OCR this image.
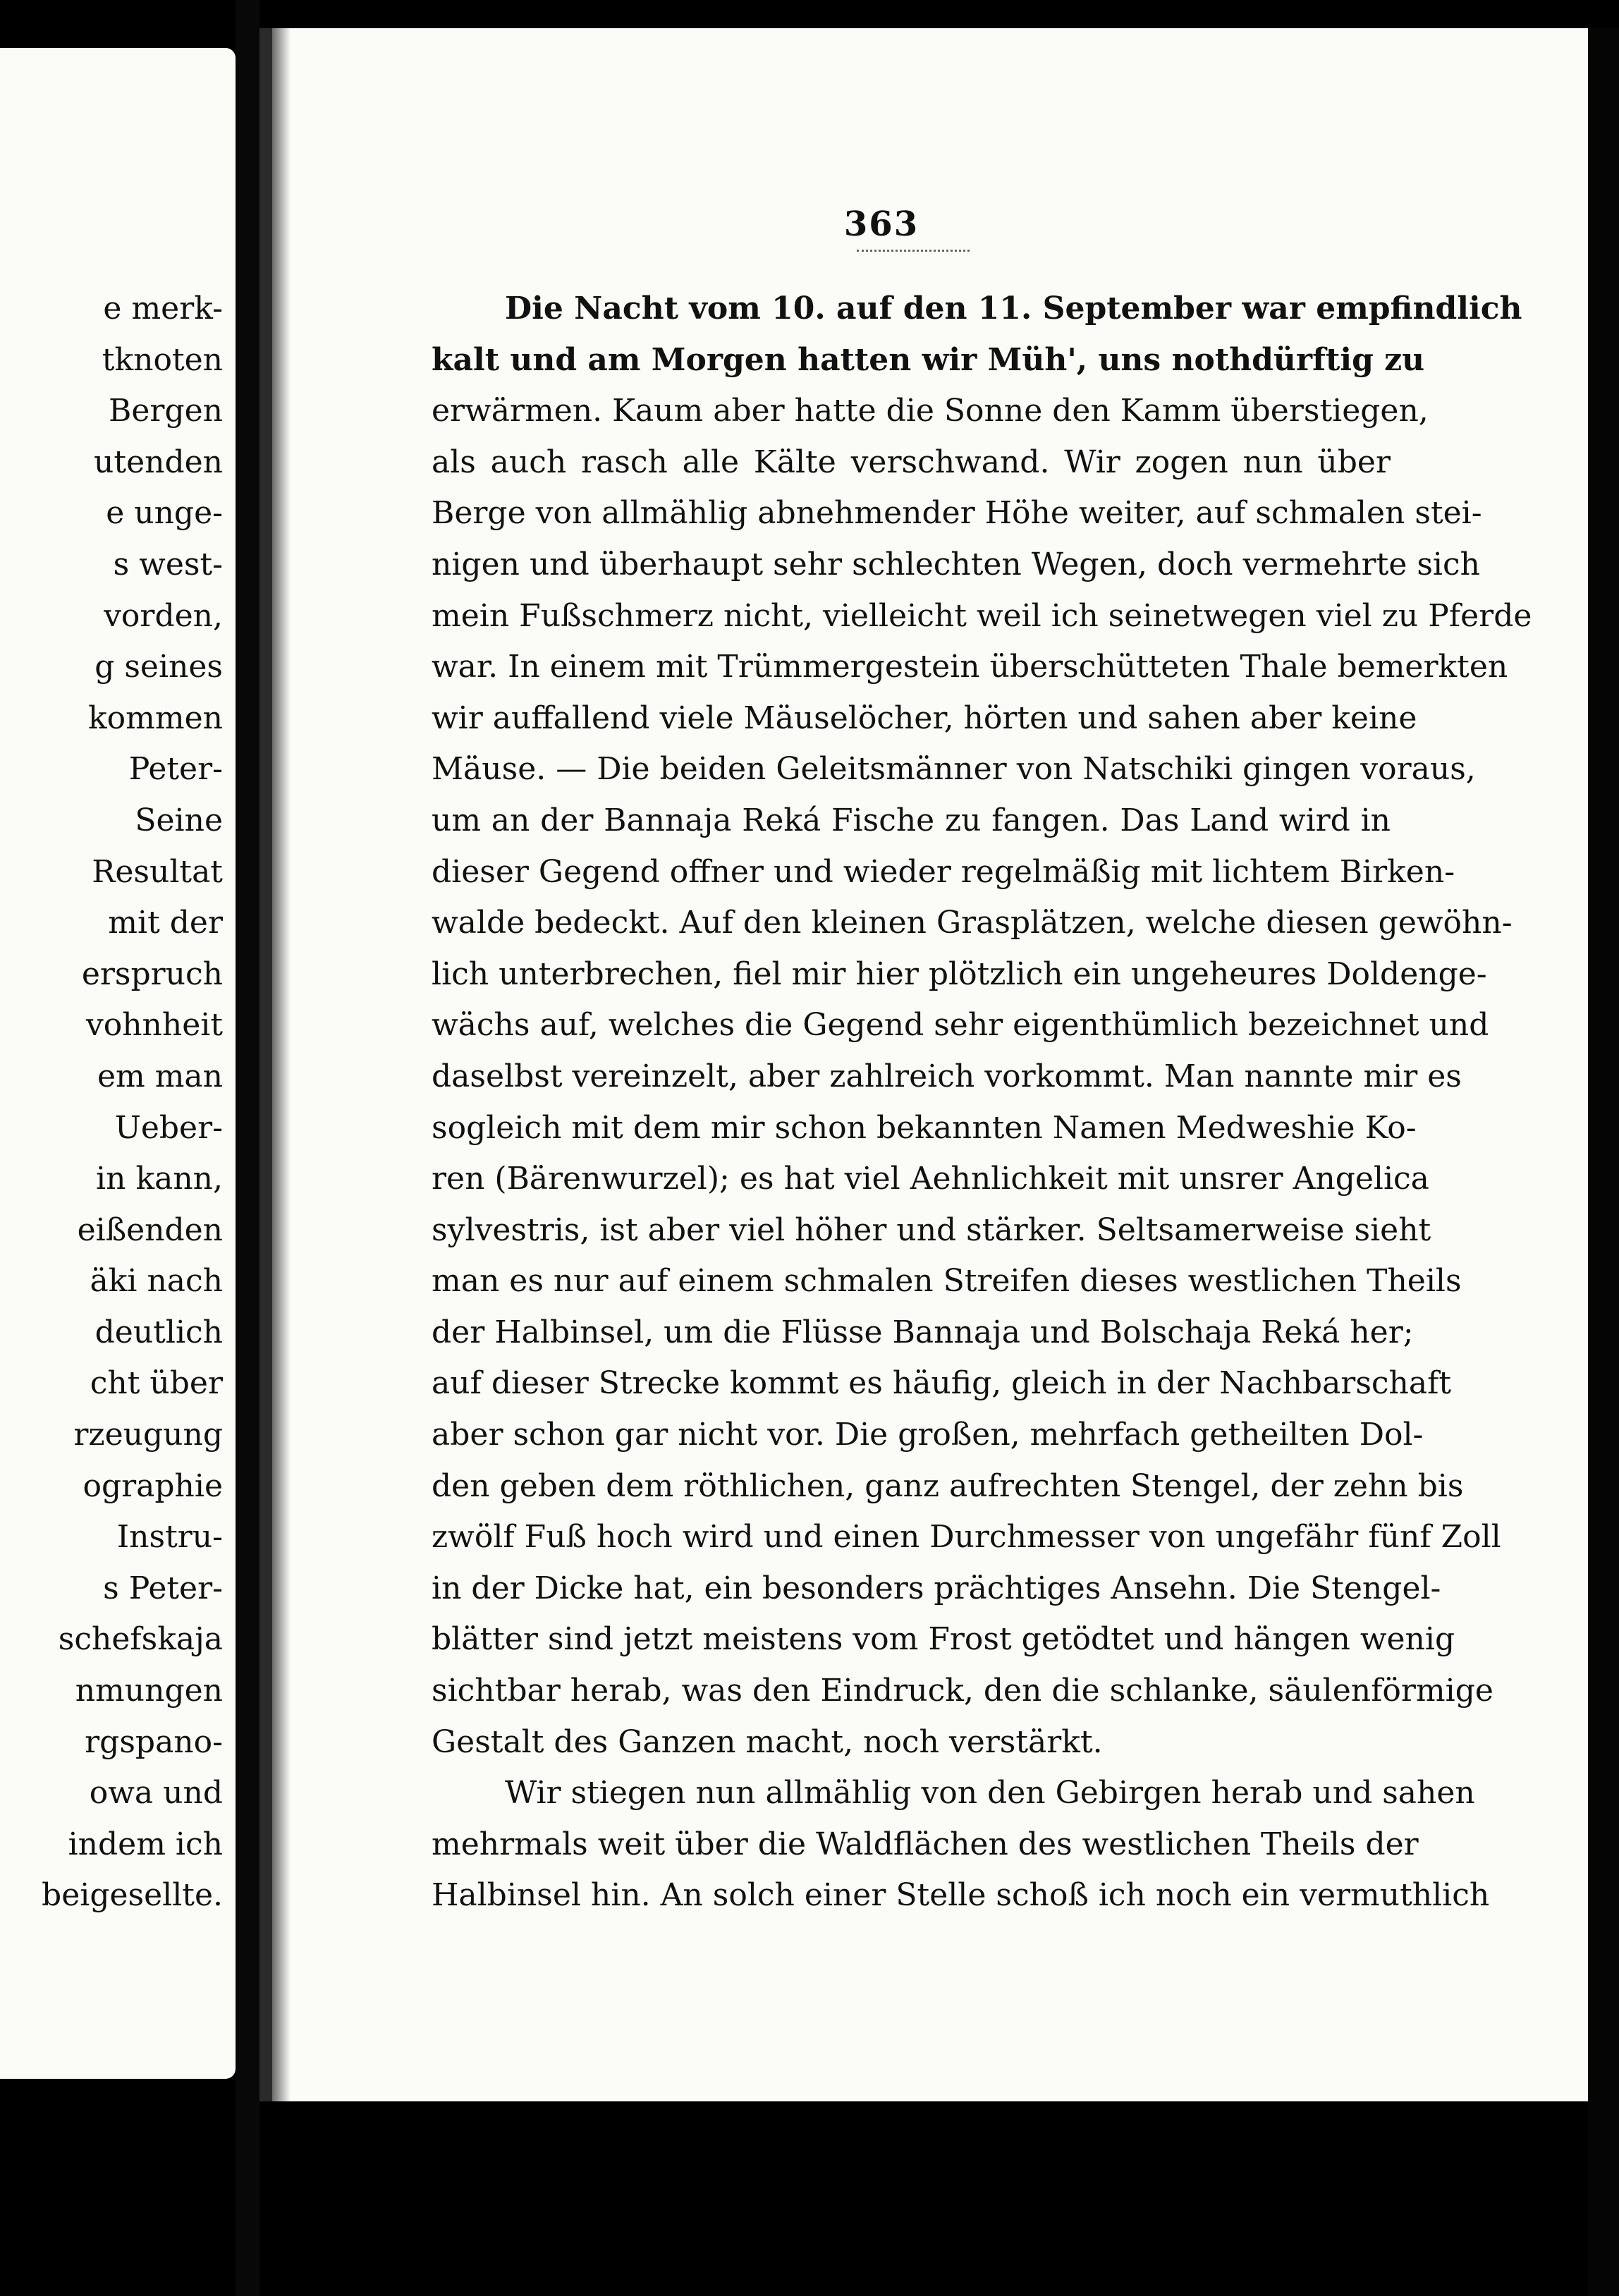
e merk-
tknoten
Bergen
utenden
e unge-
s west-
vorden,
g seines
kommen
Peter-
Seine
Resultat
mit der
erspruch
vohnheit
em man
Ueber-
in kann,
eißenden
äki nach
deutlich
cht über
rzeugung
ographie
Instru-
s Peter-
schefskaja
nmungen
rgspano-
owa und
indem ich
beigesellte.
363
Die Nacht vom 10. auf den 11. September war empfindlich
kalt und am Morgen hatten wir Müh', uns nothdürftig zu
erwärmen. Kaum aber hatte die Sonne den Kamm überstiegen,
als auch rasch alle Kälte verschwand. Wir zogen nun über
Berge von allmählig abnehmender Höhe weiter, auf schmalen stei-
nigen und überhaupt sehr schlechten Wegen, doch vermehrte sich
mein Fußschmerz nicht, vielleicht weil ich seinetwegen viel zu Pferde
war. In einem mit Trümmergestein überschütteten Thale bemerkten
wir auffallend viele Mäuselöcher, hörten und sahen aber keine
Mäuse. — Die beiden Geleitsmänner von Natschiki gingen voraus,
um an der Bannaja Reká Fische zu fangen. Das Land wird in
dieser Gegend offner und wieder regelmäßig mit lichtem Birken-
walde bedeckt. Auf den kleinen Grasplätzen, welche diesen gewöhn-
lich unterbrechen, fiel mir hier plötzlich ein ungeheures Doldenge-
wächs auf, welches die Gegend sehr eigenthümlich bezeichnet und
daselbst vereinzelt, aber zahlreich vorkommt. Man nannte mir es
sogleich mit dem mir schon bekannten Namen Medweshie Ko-
ren (Bärenwurzel); es hat viel Aehnlichkeit mit unsrer Angelica
sylvestris, ist aber viel höher und stärker. Seltsamerweise sieht
man es nur auf einem schmalen Streifen dieses westlichen Theils
der Halbinsel, um die Flüsse Bannaja und Bolschaja Reká her;
auf dieser Strecke kommt es häufig, gleich in der Nachbarschaft
aber schon gar nicht vor. Die großen, mehrfach getheilten Dol-
den geben dem röthlichen, ganz aufrechten Stengel, der zehn bis
zwölf Fuß hoch wird und einen Durchmesser von ungefähr fünf Zoll
in der Dicke hat, ein besonders prächtiges Ansehn. Die Stengel-
blätter sind jetzt meistens vom Frost getödtet und hängen wenig
sichtbar herab, was den Eindruck, den die schlanke, säulenförmige
Gestalt des Ganzen macht, noch verstärkt.
Wir stiegen nun allmählig von den Gebirgen herab und sahen
mehrmals weit über die Waldflächen des westlichen Theils der
Halbinsel hin. An solch einer Stelle schoß ich noch ein vermuthlich
